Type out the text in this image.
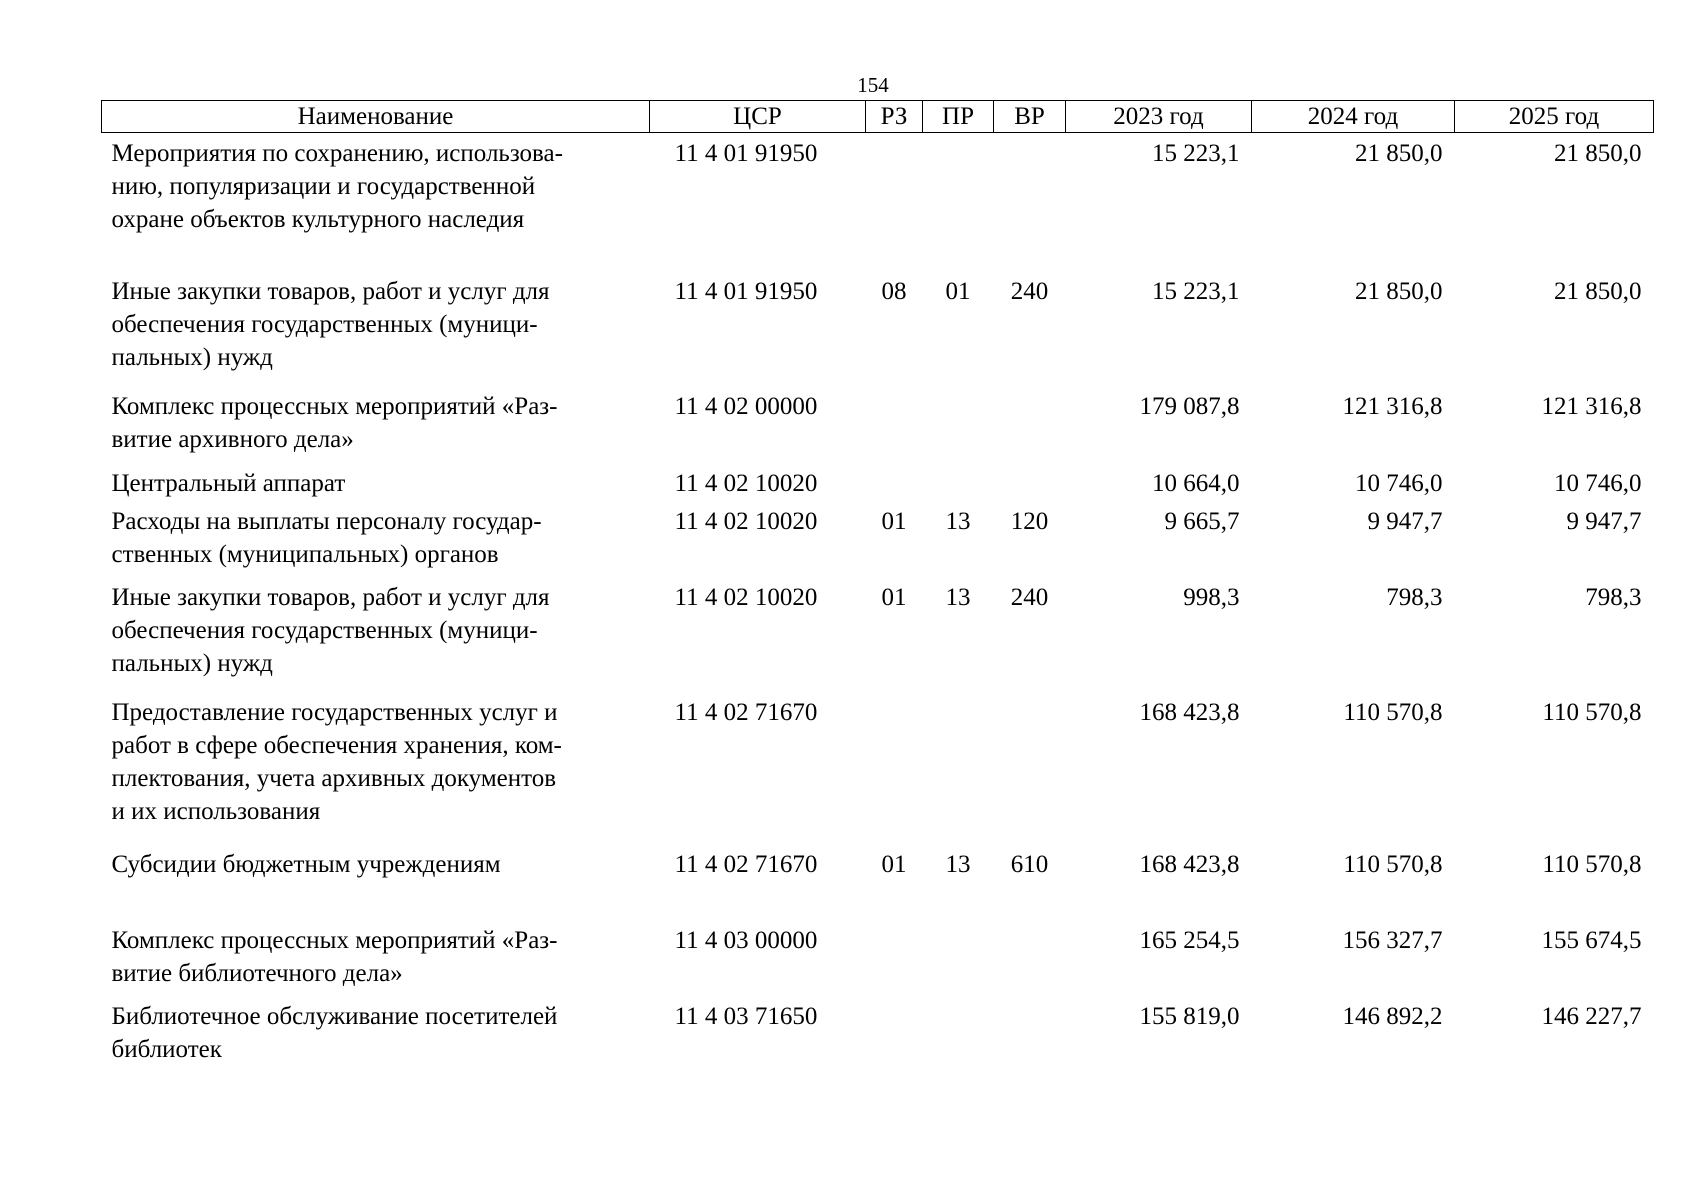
154
Наименование	ЦСР	РЗ	ПР	ВР	2023 год	2024 год	2025 год

Мероприятия по сохранению, использова-
нию, популяризации и государственной
охране объектов культурного наследия	11 4 01 91950				15 223,1	21 850,0	21 850,0

Иные закупки товаров, работ и услуг для
обеспечения государственных (муници-
пальных) нужд	11 4 01 91950	08	01	240	15 223,1	21 850,0	21 850,0

Комплекс процессных мероприятий «Раз-
витие архивного дела»	11 4 02 00000				179 087,8	121 316,8	121 316,8

Центральный аппарат	11 4 02 10020				10 664,0	10 746,0	10 746,0

Расходы на выплаты персоналу государ-
ственных (муниципальных) органов	11 4 02 10020	01	13	120	9 665,7	9 947,7	9 947,7

Иные закупки товаров, работ и услуг для
обеспечения государственных (муници-
пальных) нужд	11 4 02 10020	01	13	240	998,3	798,3	798,3

Предоставление государственных услуг и
работ в сфере обеспечения хранения, ком-
плектования, учета архивных документов
и их использования	11 4 02 71670				168 423,8	110 570,8	110 570,8

Субсидии бюджетным учреждениям	11 4 02 71670	01	13	610	168 423,8	110 570,8	110 570,8

Комплекс процессных мероприятий «Раз-
витие библиотечного дела»	11 4 03 00000				165 254,5	156 327,7	155 674,5

Библиотечное обслуживание посетителей
библиотек	11 4 03 71650				155 819,0	146 892,2	146 227,7
